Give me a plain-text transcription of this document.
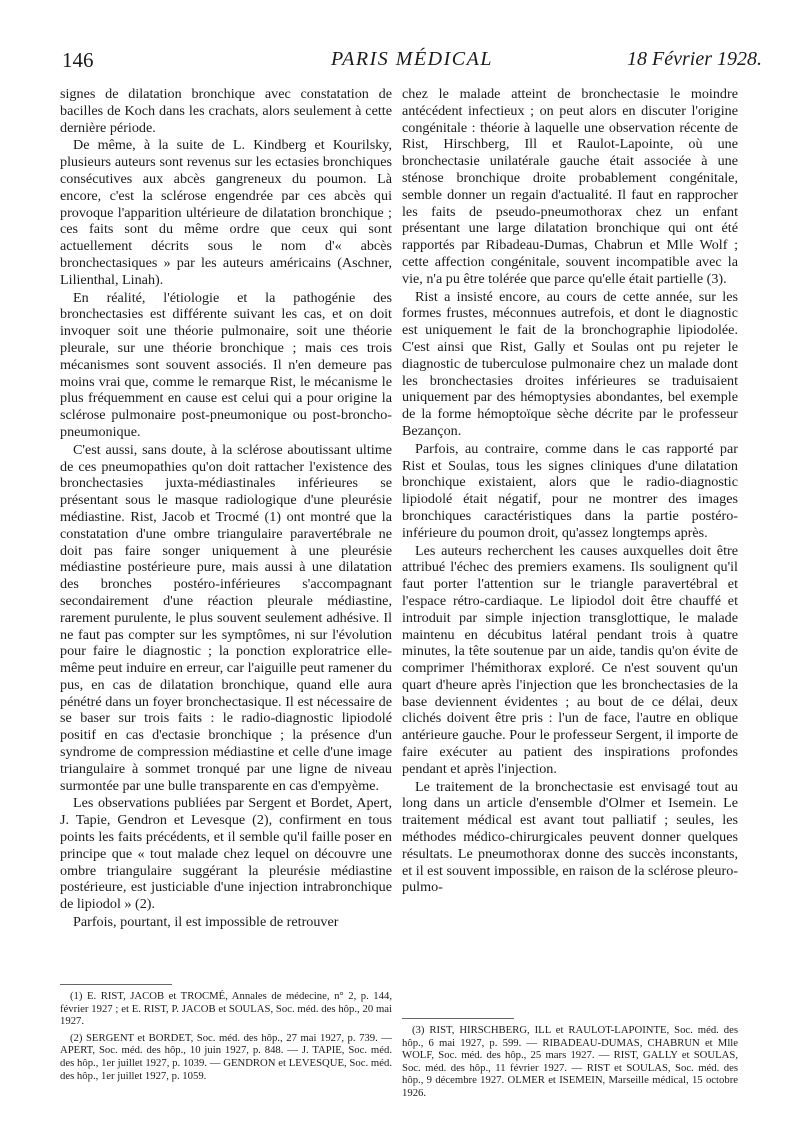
146	PARIS MÉDICAL	18 Février 1928.

signes de dilatation bronchique avec constatation de bacilles de Koch dans les crachats, alors seulement à cette dernière période.

De même, à la suite de L. Kindberg et Kourilsky, plusieurs auteurs sont revenus sur les ectasies bronchiques consécutives aux abcès gangreneux du poumon. Là encore, c'est la sclérose engendrée par ces abcès qui provoque l'apparition ultérieure de dilatation bronchique ; ces faits sont du même ordre que ceux qui sont actuellement décrits sous le nom d'« abcès bronchectasiques » par les auteurs américains (Aschner, Lilienthal, Linah).

En réalité, l'étiologie et la pathogénie des bronchectasies est différente suivant les cas, et on doit invoquer soit une théorie pulmonaire, soit une théorie pleurale, sur une théorie bronchique ; mais ces trois mécanismes sont souvent associés. Il n'en demeure pas moins vrai que, comme le remarque Rist, le mécanisme le plus fréquemment en cause est celui qui a pour origine la sclérose pulmonaire post-pneumonique ou post-broncho-pneumonique.

C'est aussi, sans doute, à la sclérose aboutissant ultime de ces pneumopathies qu'on doit rattacher l'existence des bronchectasies juxta-médiastinales inférieures se présentant sous le masque radiologique d'une pleurésie médiastine. Rist, Jacob et Trocmé (1) ont montré que la constatation d'une ombre triangulaire paravertébrale ne doit pas faire songer uniquement à une pleurésie médiastine postérieure pure, mais aussi à une dilatation des bronches postéro-inférieures s'accompagnant secondairement d'une réaction pleurale médiastine, rarement purulente, le plus souvent seulement adhésive. Il ne faut pas compter sur les symptômes, ni sur l'évolution pour faire le diagnostic ; la ponction exploratrice elle-même peut induire en erreur, car l'aiguille peut ramener du pus, en cas de dilatation bronchique, quand elle aura pénétré dans un foyer bronchectasique. Il est nécessaire de se baser sur trois faits : le radio-diagnostic lipiodolé positif en cas d'ectasie bronchique ; la présence d'un syndrome de compression médiastine et celle d'une image triangulaire à sommet tronqué par une ligne de niveau surmontée par une bulle transparente en cas d'empyème.

Les observations publiées par Sergent et Bordet, Apert, J. Tapie, Gendron et Levesque (2), confirment en tous points les faits précédents, et il semble qu'il faille poser en principe que « tout malade chez lequel on découvre une ombre triangulaire suggérant la pleurésie médiastine postérieure, est justiciable d'une injection intrabronchique de lipiodol » (2).

Parfois, pourtant, il est impossible de retrouver

chez le malade atteint de bronchectasie le moindre antécédent infectieux ; on peut alors en discuter l'origine congénitale : théorie à laquelle une observation récente de Rist, Hirschberg, Ill et Raulot-Lapointe, où une bronchectasie unilatérale gauche était associée à une sténose bronchique droite probablement congénitale, semble donner un regain d'actualité. Il faut en rapprocher les faits de pseudo-pneumothorax chez un enfant présentant une large dilatation bronchique qui ont été rapportés par Ribadeau-Dumas, Chabrun et Mlle Wolf ; cette affection congénitale, souvent incompatible avec la vie, n'a pu être tolérée que parce qu'elle était partielle (3).

Rist a insisté encore, au cours de cette année, sur les formes frustes, méconnues autrefois, et dont le diagnostic est uniquement le fait de la bronchographie lipiodolée. C'est ainsi que Rist, Gally et Soulas ont pu rejeter le diagnostic de tuberculose pulmonaire chez un malade dont les bronchectasies droites inférieures se traduisaient uniquement par des hémoptysies abondantes, bel exemple de la forme hémoptoïque sèche décrite par le professeur Bezançon.

Parfois, au contraire, comme dans le cas rapporté par Rist et Soulas, tous les signes cliniques d'une dilatation bronchique existaient, alors que le radio-diagnostic lipiodolé était négatif, pour ne montrer des images bronchiques caractéristiques dans la partie postéro-inférieure du poumon droit, qu'assez longtemps après.

Les auteurs recherchent les causes auxquelles doit être attribué l'échec des premiers examens. Ils soulignent qu'il faut porter l'attention sur le triangle paravertébral et l'espace rétro-cardiaque. Le lipiodol doit être chauffé et introduit par simple injection transglottique, le malade maintenu en décubitus latéral pendant trois à quatre minutes, la tête soutenue par un aide, tandis qu'on évite de comprimer l'hémithorax exploré. Ce n'est souvent qu'un quart d'heure après l'injection que les bronchectasies de la base deviennent évidentes ; au bout de ce délai, deux clichés doivent être pris : l'un de face, l'autre en oblique antérieure gauche. Pour le professeur Sergent, il importe de faire exécuter au patient des inspirations profondes pendant et après l'injection.

Le traitement de la bronchectasie est envisagé tout au long dans un article d'ensemble d'Olmer et Isemein. Le traitement médical est avant tout palliatif ; seules, les méthodes médico-chirurgicales peuvent donner quelques résultats. Le pneumothorax donne des succès inconstants, et il est souvent impossible, en raison de la sclérose pleuro-pulmo-

(1) E. RIST, JACOB et TROCMÉ, Annales de médecine, n° 2, p. 144, février 1927 ; et E. RIST, P. JACOB et SOULAS, Soc. méd. des hôp., 20 mai 1927.

(2) SERGENT et BORDET, Soc. méd. des hôp., 27 mai 1927, p. 739. — APERT, Soc. méd. des hôp., 10 juin 1927, p. 848. — J. TAPIE, Soc. méd. des hôp., 1er juillet 1927, p. 1039. — GENDRON et LEVESQUE, Soc. méd. des hôp., 1er juillet 1927, p. 1059.

(3) RIST, HIRSCHBERG, ILL et RAULOT-LAPOINTE, Soc. méd. des hôp., 6 mai 1927, p. 599. — RIBADEAU-DUMAS, CHABRUN et Mlle WOLF, Soc. méd. des hôp., 25 mars 1927. — RIST, GALLY et SOULAS, Soc. méd. des hôp., 11 février 1927. — RIST et SOULAS, Soc. méd. des hôp., 9 décembre 1927. OLMER et ISEMEIN, Marseille médical, 15 octobre 1926.
